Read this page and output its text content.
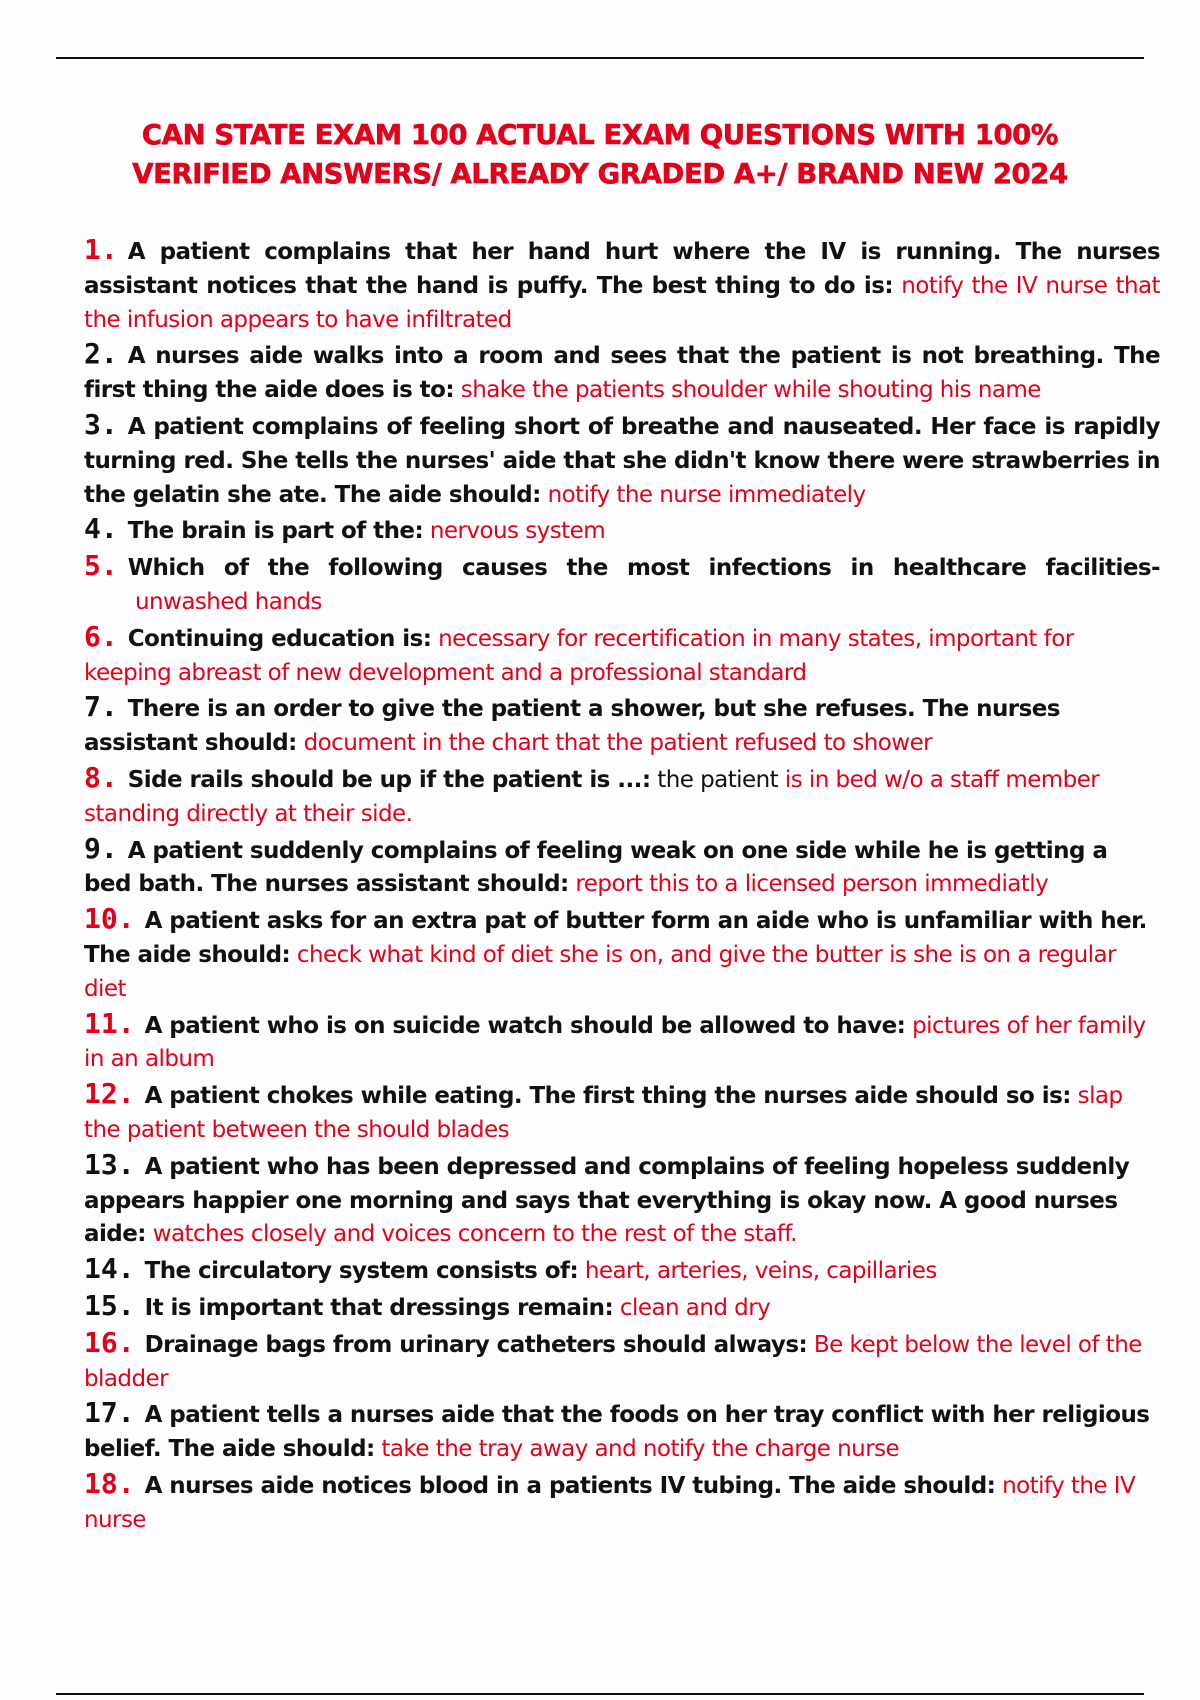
CAN STATE EXAM 100 ACTUAL EXAM QUESTIONS WITH 100%
VERIFIED ANSWERS/ ALREADY GRADED A+/ BRAND NEW 2024

1. A patient complains that her hand hurt where the IV is running. The nurses assistant notices that the hand is puffy. The best thing to do is: notify the IV nurse that the infusion appears to have infiltrated

2. A nurses aide walks into a room and sees that the patient is not breathing. The first thing the aide does is to: shake the patients shoulder while shouting his name

3. A patient complains of feeling short of breathe and nauseated. Her face is rapidly turning red. She tells the nurses' aide that she didn't know there were strawberries in the gelatin she ate. The aide should: notify the nurse immediately

4. The brain is part of the: nervous system

5. Which of the following causes the most infections in healthcare facilities- unwashed hands

6. Continuing education is: necessary for recertification in many states, important for keeping abreast of new development and a professional standard

7. There is an order to give the patient a shower, but she refuses. The nurses assistant should: document in the chart that the patient refused to shower

8. Side rails should be up if the patient is ...: the patient is in bed w/o a staff member standing directly at their side.

9. A patient suddenly complains of feeling weak on one side while he is getting a bed bath. The nurses assistant should: report this to a licensed person immediatly

10. A patient asks for an extra pat of butter form an aide who is unfamiliar with her. The aide should: check what kind of diet she is on, and give the butter is she is on a regular diet

11. A patient who is on suicide watch should be allowed to have: pictures of her family in an album

12. A patient chokes while eating. The first thing the nurses aide should so is: slap the patient between the should blades

13. A patient who has been depressed and complains of feeling hopeless suddenly appears happier one morning and says that everything is okay now. A good nurses aide: watches closely and voices concern to the rest of the staff.

14. The circulatory system consists of: heart, arteries, veins, capillaries

15. It is important that dressings remain: clean and dry

16. Drainage bags from urinary catheters should always: Be kept below the level of the bladder

17. A patient tells a nurses aide that the foods on her tray conflict with her religious belief. The aide should: take the tray away and notify the charge nurse

18. A nurses aide notices blood in a patients IV tubing. The aide should: notify the IV nurse
